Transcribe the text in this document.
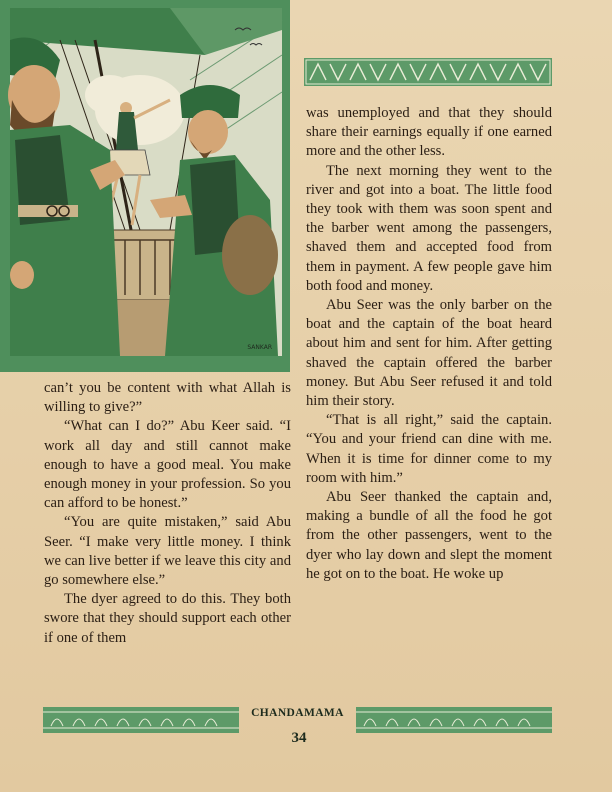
SANKAR

can’t you be content with what Allah is willing to give?”

“What can I do?” Abu Keer said. “I work all day and still cannot make enough to have a good meal. You make enough money in your profession. So you can afford to be honest.”

“You are quite mistaken,” said Abu Seer. “I make very little money. I think we can live better if we leave this city and go somewhere else.”

The dyer agreed to do this. They both swore that they should support each other if one of them

was unemployed and that they should share their earnings equally if one earned more and the other less.

The next morning they went to the river and got into a boat. The little food they took with them was soon spent and the barber went among the passengers, shaved them and accepted food from them in payment. A few people gave him both food and money.

Abu Seer was the only barber on the boat and the captain of the boat heard about him and sent for him. After getting shaved the captain offered the barber money. But Abu Seer refused it and told him their story.

“That is all right,” said the captain. “You and your friend can dine with me. When it is time for dinner come to my room with him.”

Abu Seer thanked the captain and, making a bundle of all the food he got from the other passengers, went to the dyer who lay down and slept the moment he got on to the boat. He woke up

CHANDAMAMA
34
